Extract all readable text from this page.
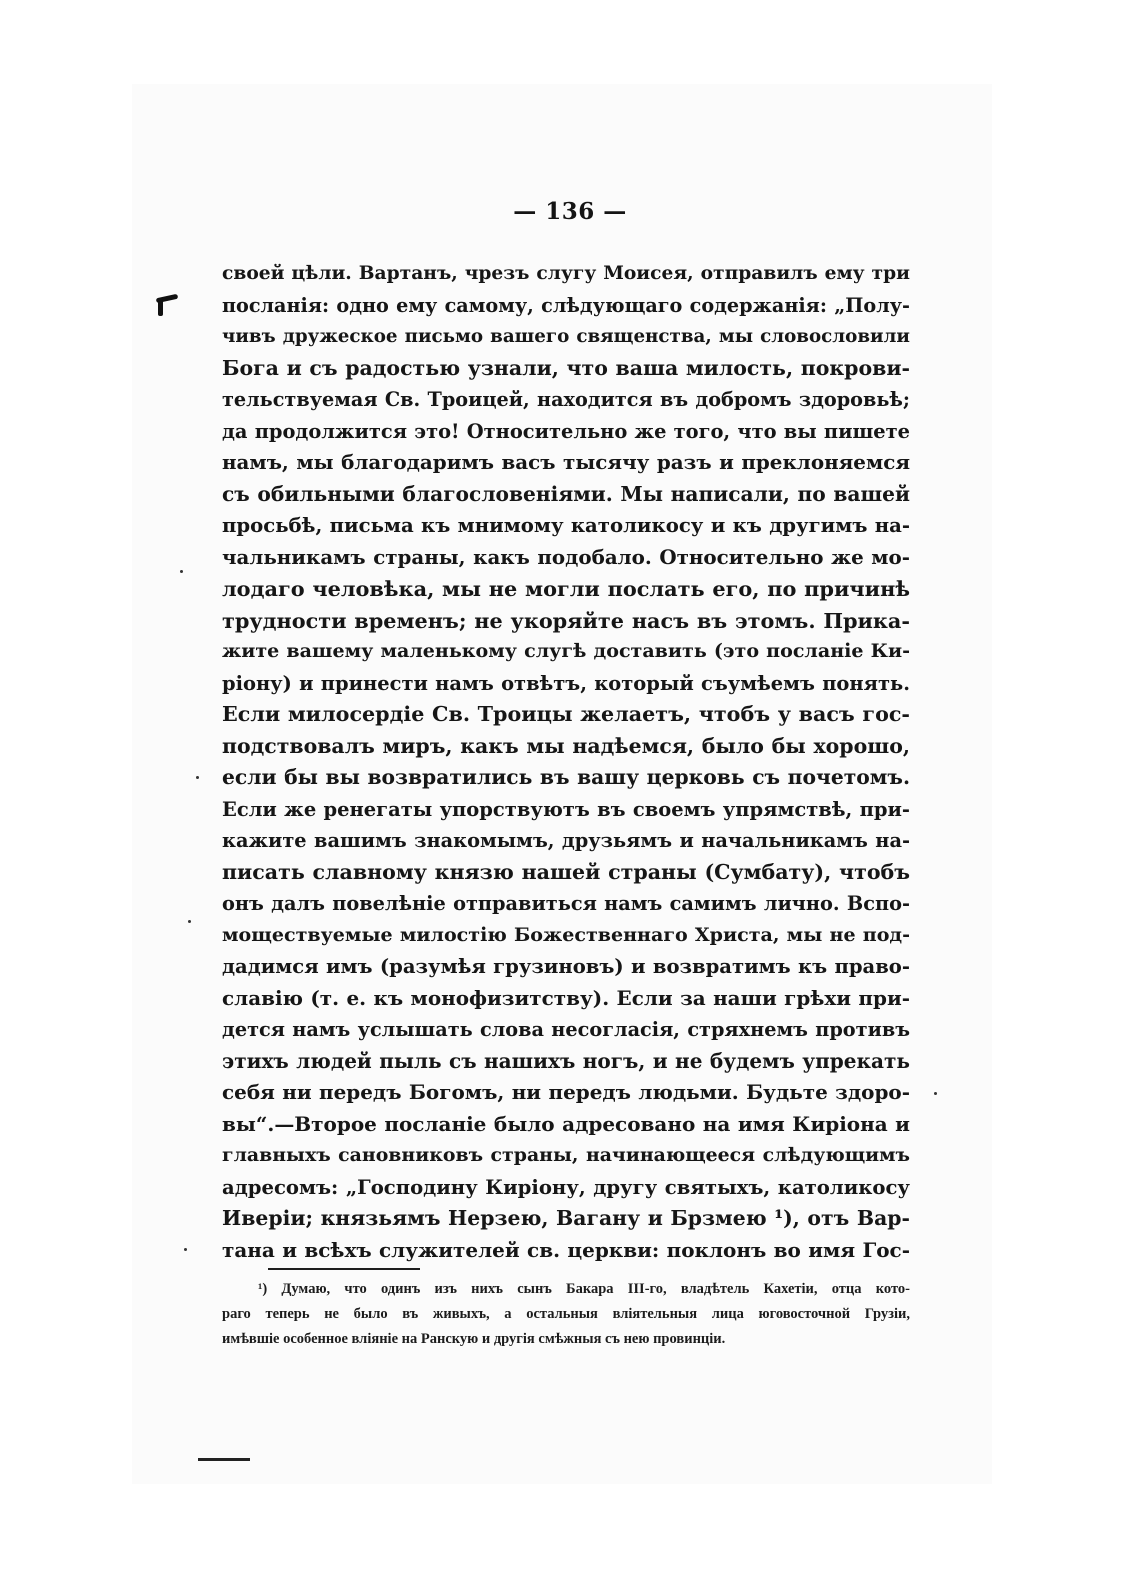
— 136 —
своей цѣли. Вартанъ, чрезъ слугу Моисея, отправилъ ему три
посланія: одно ему самому, слѣдующаго содержанія: „Полу-
чивъ дружеское письмо вашего священства, мы словословили
Бога и съ радостью узнали, что ваша милость, покрови-
тельствуемая Св. Троицей, находится въ добромъ здоровьѣ;
да продолжится это! Относительно же того, что вы пишете
намъ, мы благодаримъ васъ тысячу разъ и преклоняемся
съ обильными благословеніями. Мы написали, по вашей
просьбѣ, письма къ мнимому католикосу и къ другимъ на-
чальникамъ страны, какъ подобало. Относительно же мо-
лодаго человѣка, мы не могли послать его, по причинѣ
трудности временъ; не укоряйте насъ въ этомъ. Прика-
жите вашему маленькому слугѣ доставить (это посланіе Ки-
ріону) и принести намъ отвѣтъ, который съумѣемъ понять.
Если милосердіе Св. Троицы желаетъ, чтобъ у васъ гос-
подствовалъ миръ, какъ мы надѣемся, было бы хорошо,
если бы вы возвратились въ вашу церковь съ почетомъ.
Если же ренегаты упорствуютъ въ своемъ упрямствѣ, при-
кажите вашимъ знакомымъ, друзьямъ и начальникамъ на-
писать славному князю нашей страны (Сумбату), чтобъ
онъ далъ повелѣніе отправиться намъ самимъ лично. Вспо-
моществуемые милостію Божественнаго Христа, мы не под-
дадимся имъ (разумѣя грузиновъ) и возвратимъ къ право-
славію (т. е. къ монофизитству). Если за наши грѣхи при-
дется намъ услышать слова несогласія, стряхнемъ противъ
этихъ людей пыль съ нашихъ ногъ, и не будемъ упрекать
себя ни передъ Богомъ, ни передъ людьми. Будьте здоро-
вы“.—Второе посланіе было адресовано на имя Киріона и
главныхъ сановниковъ страны, начинающееся слѣдующимъ
адресомъ: „Господину Киріону, другу святыхъ, католикосу
Иверіи; князьямъ Нерзею, Вагану и Брзмею ¹), отъ Вар-
тана и всѣхъ служителей св. церкви: поклонъ во имя Гос-
¹) Думаю, что одинъ изъ нихъ сынъ Бакара III-го, владѣтель Кахетіи, отца кото-
раго теперь не было въ живыхъ, а остальныя вліятельныя лица юговосточной Грузіи,
имѣвшіе особенное вліяніе на Ранскую и другія смѣжныя съ нею провинціи.
